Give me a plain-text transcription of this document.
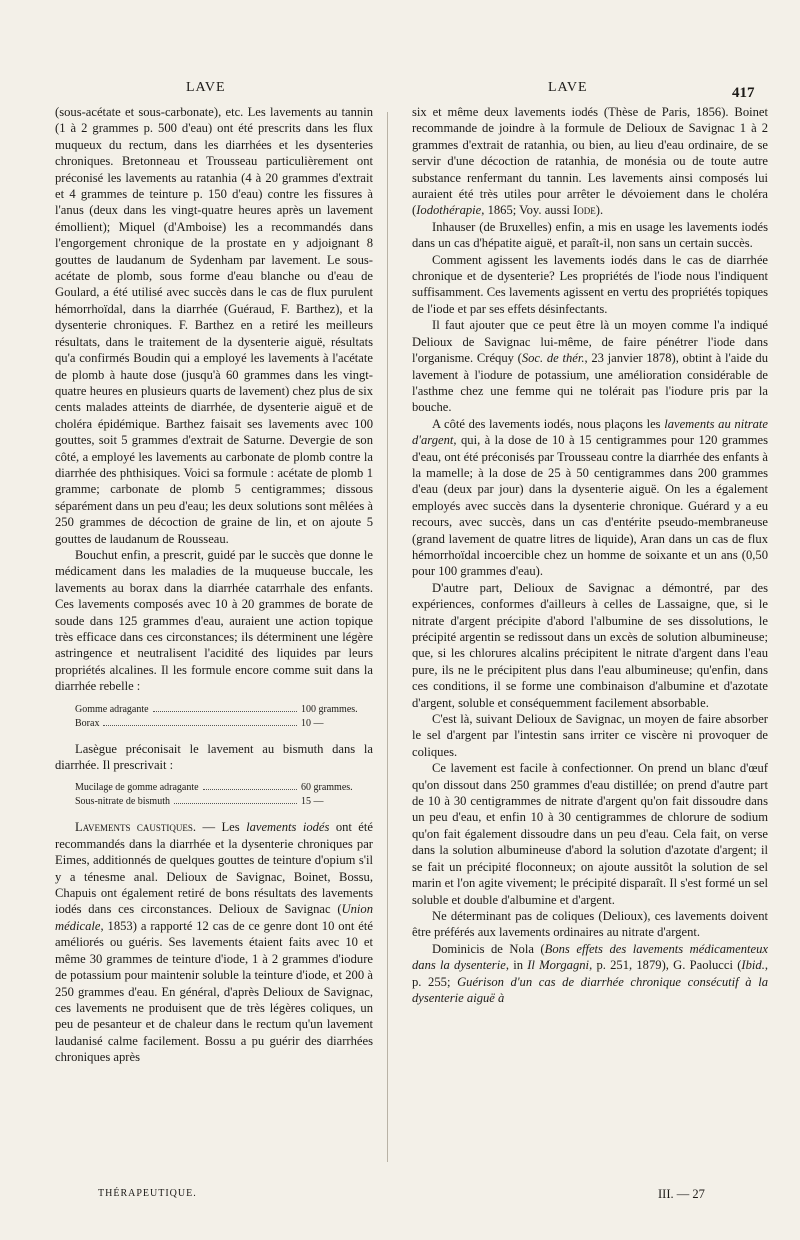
LAVE	LAVE	417

(sous-acétate et sous-carbonate), etc. Les lavements au tannin (1 à 2 grammes p. 500 d'eau) ont été prescrits dans les flux muqueux du rectum, dans les diarrhées et les dysenteries chroniques. Bretonneau et Trousseau particulièrement ont préconisé les lavements au ratanhia (4 à 20 grammes d'extrait et 4 grammes de teinture p. 150 d'eau) contre les fissures à l'anus (deux dans les vingt-quatre heures après un lavement émollient); Miquel (d'Amboise) les a recommandés dans l'engorgement chronique de la prostate en y adjoignant 8 gouttes de laudanum de Sydenham par lavement. Le sous-acétate de plomb, sous forme d'eau blanche ou d'eau de Goulard, a été utilisé avec succès dans le cas de flux purulent hémorrhoïdal, dans la diarrhée (Guéraud, F. Barthez), et la dysenterie chroniques. F. Barthez en a retiré les meilleurs résultats, dans le traitement de la dysenterie aiguë, résultats qu'a confirmés Boudin qui a employé les lavements à l'acétate de plomb à haute dose (jusqu'à 60 grammes dans les vingt-quatre heures en plusieurs quarts de lavement) chez plus de six cents malades atteints de diarrhée, de dysenterie aiguë et de choléra épidémique. Barthez faisait ses lavements avec 100 gouttes, soit 5 grammes d'extrait de Saturne. Devergie de son côté, a employé les lavements au carbonate de plomb contre la diarrhée des phthisiques. Voici sa formule : acétate de plomb 1 gramme; carbonate de plomb 5 centigrammes; dissous séparément dans un peu d'eau; les deux solutions sont mêlées à 250 grammes de décoction de graine de lin, et on ajoute 5 gouttes de laudanum de Rousseau.

Bouchut enfin, a prescrit, guidé par le succès que donne le médicament dans les maladies de la muqueuse buccale, les lavements au borax dans la diarrhée catarrhale des enfants. Ces lavements composés avec 10 à 20 grammes de borate de soude dans 125 grammes d'eau, auraient une action topique très efficace dans ces circonstances; ils déterminent une légère astringence et neutralisent l'acidité des liquides par leurs propriétés alcalines. Il les formule encore comme suit dans la diarrhée rebelle :

Gomme adragante	100 grammes.
Borax	10 —

Lasègue préconisait le lavement au bismuth dans la diarrhée. Il prescrivait :

Mucilage de gomme adragante	60 grammes.
Sous-nitrate de bismuth	15 —

Lavements caustiques. — Les lavements iodés ont été recommandés dans la diarrhée et la dysenterie chroniques par Eimes, additionnés de quelques gouttes de teinture d'opium s'il y a ténesme anal. Delioux de Savignac, Boinet, Bossu, Chapuis ont également retiré de bons résultats des lavements iodés dans ces circonstances. Delioux de Savignac (Union médicale, 1853) a rapporté 12 cas de ce genre dont 10 ont été améliorés ou guéris. Ses lavements étaient faits avec 10 et même 30 grammes de teinture d'iode, 1 à 2 grammes d'iodure de potassium pour maintenir soluble la teinture d'iode, et 200 à 250 grammes d'eau. En général, d'après Delioux de Savignac, ces lavements ne produisent que de très légères coliques, un peu de pesanteur et de chaleur dans le rectum qu'un lavement laudanisé calme facilement. Bossu a pu guérir des diarrhées chroniques après

six et même deux lavements iodés (Thèse de Paris, 1856). Boinet recommande de joindre à la formule de Delioux de Savignac 1 à 2 grammes d'extrait de ratanhia, ou bien, au lieu d'eau ordinaire, de se servir d'une décoction de ratanhia, de monésia ou de toute autre substance renfermant du tannin. Les lavements ainsi composés lui auraient été très utiles pour arrêter le dévoiement dans le choléra (Iodothérapie, 1865; Voy. aussi Iode).

Inhauser (de Bruxelles) enfin, a mis en usage les lavements iodés dans un cas d'hépatite aiguë, et paraît-il, non sans un certain succès.

Comment agissent les lavements iodés dans le cas de diarrhée chronique et de dysenterie? Les propriétés de l'iode nous l'indiquent suffisamment. Ces lavements agissent en vertu des propriétés topiques de l'iode et par ses effets désinfectants.

Il faut ajouter que ce peut être là un moyen comme l'a indiqué Delioux de Savignac lui-même, de faire pénétrer l'iode dans l'organisme. Créquy (Soc. de thér., 23 janvier 1878), obtint à l'aide du lavement à l'iodure de potassium, une amélioration considérable de l'asthme chez une femme qui ne tolérait pas l'iodure pris par la bouche.

A côté des lavements iodés, nous plaçons les lavements au nitrate d'argent, qui, à la dose de 10 à 15 centigrammes pour 120 grammes d'eau, ont été préconisés par Trousseau contre la diarrhée des enfants à la mamelle; à la dose de 25 à 50 centigrammes dans 200 grammes d'eau (deux par jour) dans la dysenterie aiguë. On les a également employés avec succès dans la dysenterie chronique. Guérard y a eu recours, avec succès, dans un cas d'entérite pseudo-membraneuse (grand lavement de quatre litres de liquide), Aran dans un cas de flux hémorrhoïdal incoercible chez un homme de soixante et un ans (0,50 pour 100 grammes d'eau).

D'autre part, Delioux de Savignac a démontré, par des expériences, conformes d'ailleurs à celles de Lassaigne, que, si le nitrate d'argent précipite d'abord l'albumine de ses dissolutions, le précipité argentin se redissout dans un excès de solution albumineuse; que, si les chlorures alcalins précipitent le nitrate d'argent dans l'eau pure, ils ne le précipitent plus dans l'eau albumineuse; qu'enfin, dans ces conditions, il se forme une combinaison d'albumine et d'azotate d'argent, soluble et conséquemment facilement absorbable.

C'est là, suivant Delioux de Savignac, un moyen de faire absorber le sel d'argent par l'intestin sans irriter ce viscère ni provoquer de coliques.

Ce lavement est facile à confectionner. On prend un blanc d'œuf qu'on dissout dans 250 grammes d'eau distillée; on prend d'autre part de 10 à 30 centigrammes de nitrate d'argent qu'on fait dissoudre dans un peu d'eau, et enfin 10 à 30 centigrammes de chlorure de sodium qu'on fait également dissoudre dans un peu d'eau. Cela fait, on verse dans la solution albumineuse d'abord la solution d'azotate d'argent; il se fait un précipité floconneux; on ajoute aussitôt la solution de sel marin et l'on agite vivement; le précipité disparaît. Il s'est formé un sel soluble et double d'albumine et d'argent.

Ne déterminant pas de coliques (Delioux), ces lavements doivent être préférés aux lavements ordinaires au nitrate d'argent.

Dominicis de Nola (Bons effets des lavements médicamenteux dans la dysenterie, in Il Morgagni, p. 251, 1879), G. Paolucci (Ibid., p. 255; Guérison d'un cas de diarrhée chronique consécutif à la dysenterie aiguë à

THÉRAPEUTIQUE.	III. — 27
